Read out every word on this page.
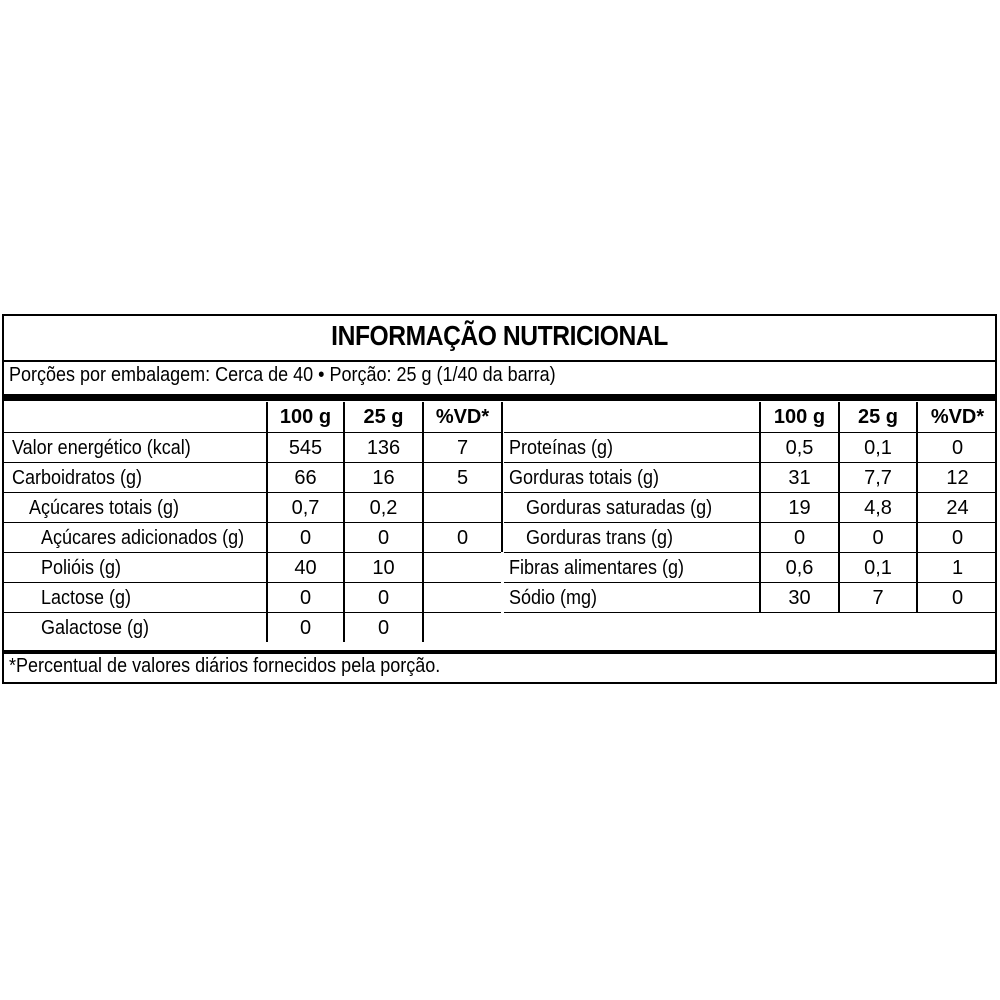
INFORMAÇÃO NUTRICIONAL
Porções por embalagem: Cerca de 40 • Porção: 25 g (1/40 da barra)
*Percentual de valores diários fornecidos pela porção.
100 g	25 g	%VD*
Valor energético (kcal)	545	136	7
Carboidratos (g)	66	16	5
Açúcares totais (g)	0,7	0,2
Açúcares adicionados (g)	0	0	0
Polióis (g)	40	10
Lactose (g)	0	0
Galactose (g)	0	0
100 g	25 g	%VD*
Proteínas (g)	0,5	0,1	0
Gorduras totais (g)	31	7,7	12
Gorduras saturadas (g)	19	4,8	24
Gorduras trans (g)	0	0	0
Fibras alimentares (g)	0,6	0,1	1
Sódio (mg)	30	7	0
